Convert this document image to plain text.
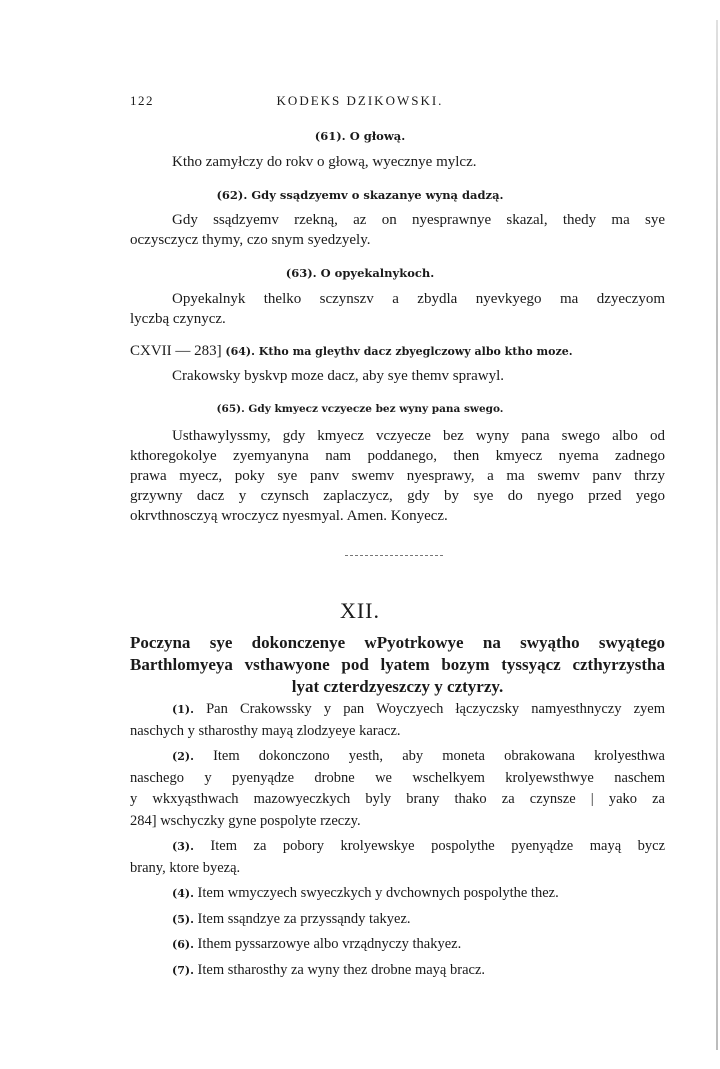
122	KODEKS DZIKOWSKI.
(61). O głową.

Ktho zamyłczy do rokv o głową, wyecznye mylcz.

(62). Gdy ssądzyemv o skazanye wyną dadzą.

Gdy ssądzyemv rzekną, az on nyesprawnye skazal, thedy ma sye

oczysczycz thymy, czo snym syedzyely.

(63). O opyekalnykoch.

Opyekalnyk thelko sczynszv a zbydla nyevkyego ma dzyeczyom

lyczbą czynycz.

CXVII — 283] (64). Ktho ma gleythv dacz zbyeglczowy albo ktho moze.

Crakowsky byskvp moze dacz, aby sye themv sprawyl.

(65). Gdy kmyecz vczyecze bez wyny pana swego.

Usthawylyssmy, gdy kmyecz vczyecze bez wyny pana swego albo od

kthoregokolye zyemyanyna nam poddanego, then kmyecz nyema zadnego

prawa myecz, poky sye panv swemv nyesprawy, a ma swemv panv thrzy

grzywny dacz y czynsch zaplaczycz, gdy by sye do nyego przed yego

okrvthnosczyą wroczycz nyesmyal. Amen. Konyecz.

XII.
Poczyna sye dokonczenye wPyotrkowye na swyątho swyątego
Barthlomyeya vsthawyone pod lyatem bozym tyssyącz czthyrzystha
lyat czterdzyeszczy y cztyrzy.

(1). Pan Crakowssky y pan Woyczyech łączyczsky namyesthnyczy zyem

naschych y stharosthy mayą zlodzyeye karacz.

(2). Item dokonczono yesth, aby moneta obrakowana krolyesthwa

naschego y pyenyądze drobne we wschelkyem krolyewsthwye naschem

y wkxyąsthwach mazowyeczkych byly brany thako za czynsze | yako za

284] wschyczky gyne pospolyte rzeczy.

(3). Item za pobory krolyewskye pospolythe pyenyądze mayą bycz

brany, ktore byezą.

(4). Item wmyczyech swyeczkych y dvchownych pospolythe thez.

(5). Item ssąndzye za przyssąndy takyez.

(6). Ithem pyssarzowye albo vrządnyczy thakyez.

(7). Item stharosthy za wyny thez drobne mayą bracz.
